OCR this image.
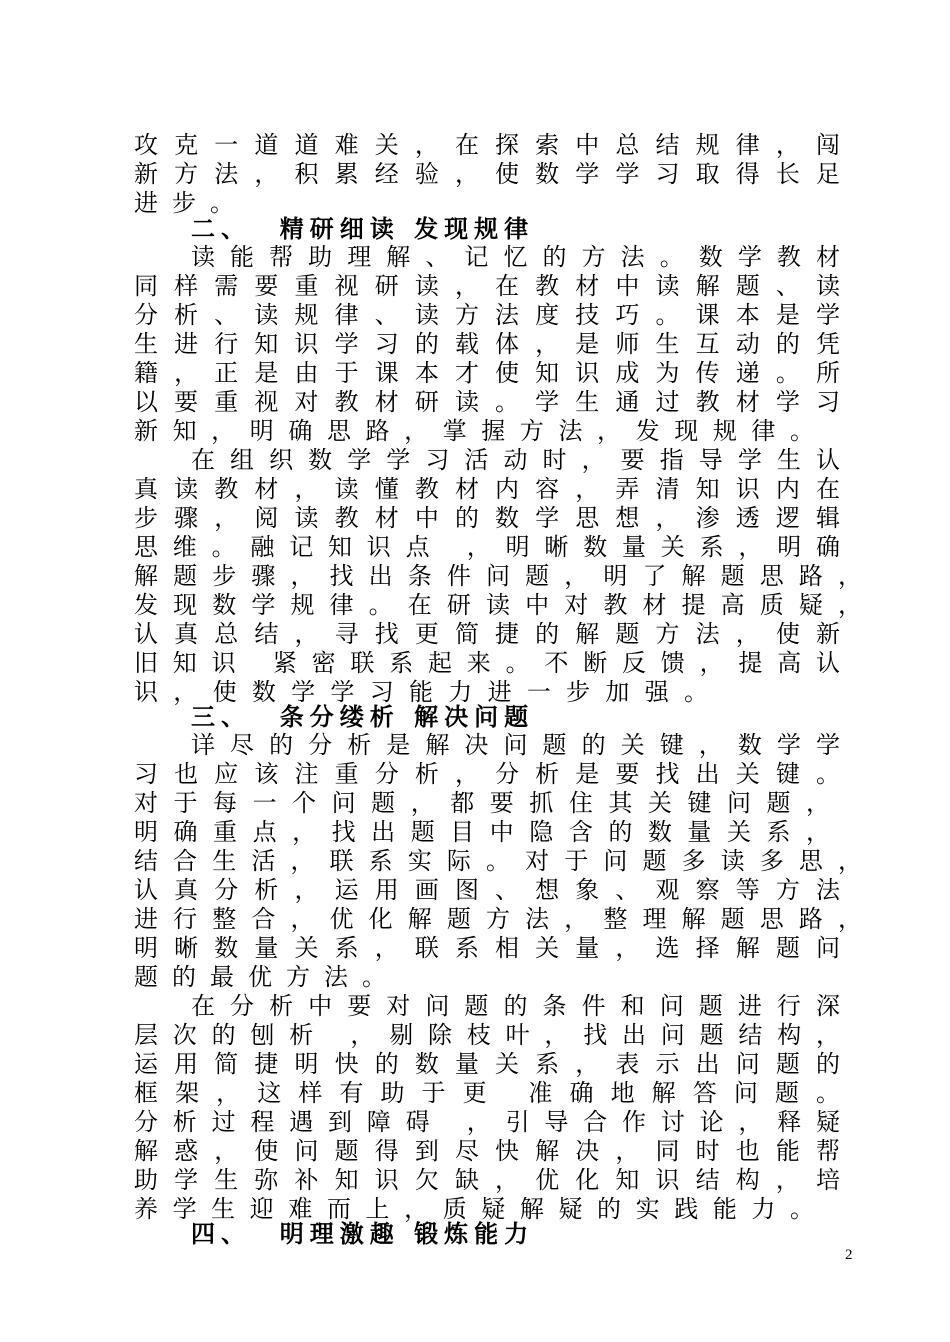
攻克一道道难关，在探索中总结规律，闯
新方法，积累经验，使数学学习取得长足
进步。
二、  精研细读 发现规律
读能帮助理解、记忆的方法。数学教材
同样需要重视研读，在教材中读解题、读
分析、读规律、读方法度技巧。课本是学
生进行知识学习的载体，是师生互动的凭
籍，正是由于课本才使知识成为传递。所
以要重视对教材研读。学生通过教材学习
新知，明确思路，掌握方法，发现规律。
在组织数学学习活动时，要指导学生认
真读教材，读懂教材内容，弄清知识内在
步骤，阅读教材中的数学思想，渗透逻辑
思维。融记知识点 ，明晰数量关系，明确
解题步骤，找出条件问题，明了解题思路，
发现数学规律。在研读中对教材提高质疑，
认真总结，寻找更简捷的解题方法，使新
旧知识 紧密联系起来。不断反馈，提高认
识，使数学学习能力进一步加强。
三、  条分缕析 解决问题
详尽的分析是解决问题的关键，数学学
习也应该注重分析，分析是要找出关键。
对于每一个问题，都要抓住其关键问题，
明确重点，找出题目中隐含的数量关系，
结合生活，联系实际。对于问题多读多思，
认真分析，运用画图、想象、观察等方法
进行整合，优化解题方法，整理解题思路，
明晰数量关系，联系相关量，选择解题问
题的最优方法。
在分析中要对问题的条件和问题进行深
层次的刨析 ，剔除枝叶，找出问题结构，
运用简捷明快的数量关系，表示出问题的
框架，这样有助于更 准确地解答问题。
分析过程遇到障碍 ，引导合作讨论，释疑
解惑，使问题得到尽快解决，同时也能帮
助学生弥补知识欠缺，优化知识结构，培
养学生迎难而上，质疑解疑的实践能力。
四、  明理激趣 锻炼能力
2
